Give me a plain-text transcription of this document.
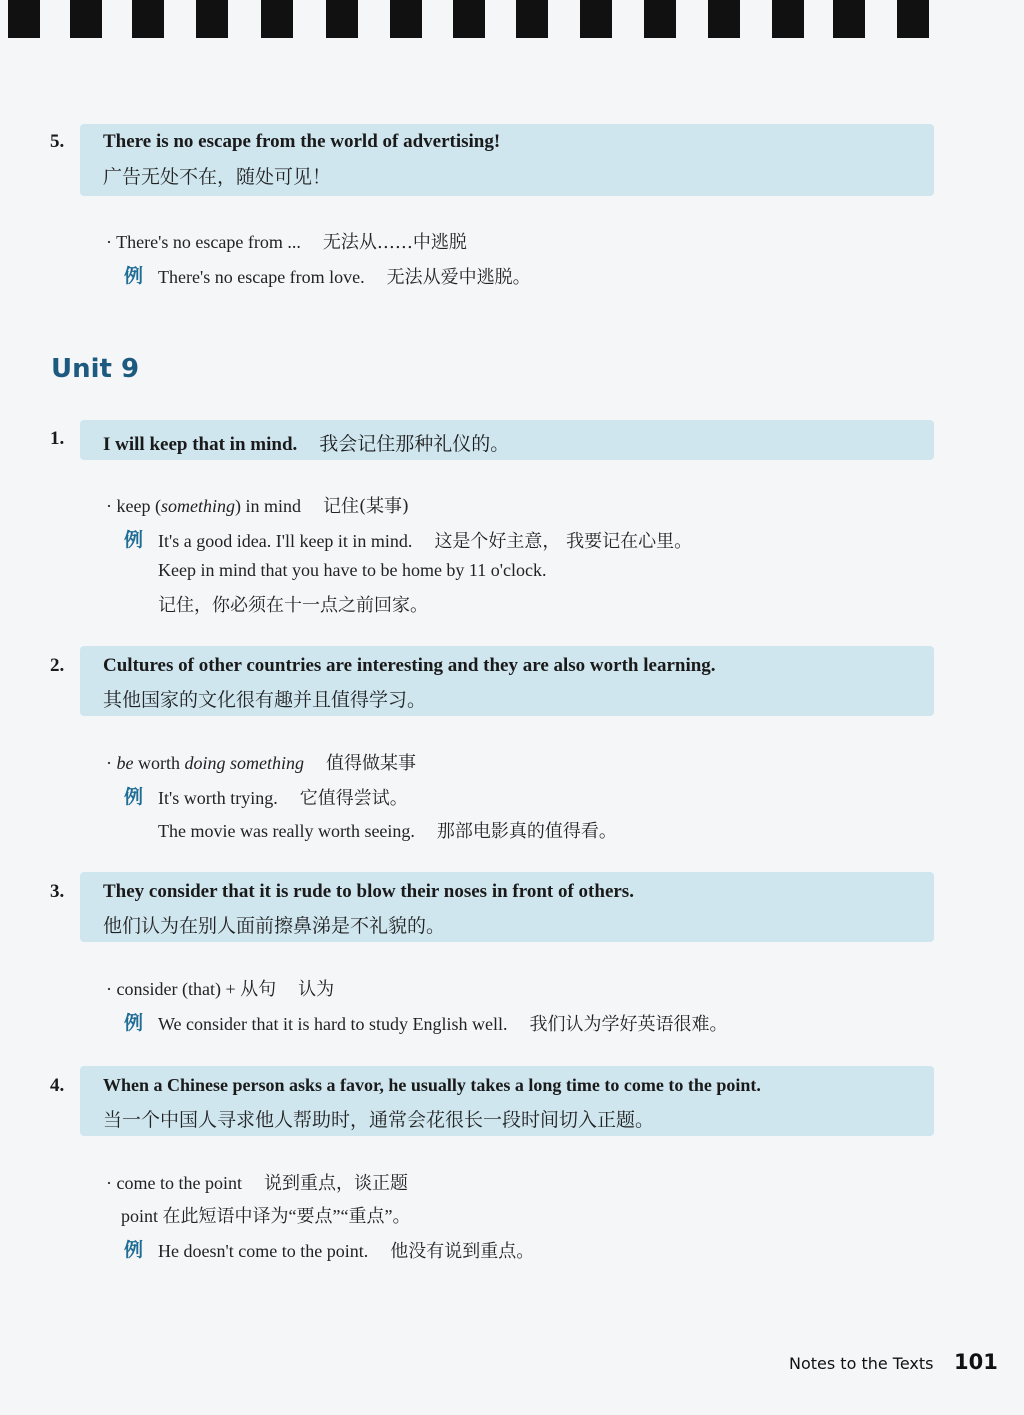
5. There is no escape from the world of advertising!
广告无处不在，随处可见！
· There's no escape from ... 无法从……中逃脱
例 There's no escape from love. 无法从爱中逃脱。
Unit 9
1. I will keep that in mind. 我会记住那种礼仪的。
· keep (something) in mind 记住(某事)
例 It's a good idea. I'll keep it in mind. 这是个好主意， 我要记在心里。
Keep in mind that you have to be home by 11 o'clock.
记住，你必须在十一点之前回家。
2. Cultures of other countries are interesting and they are also worth learning.
其他国家的文化很有趣并且值得学习。
· be worth doing something 值得做某事
例 It's worth trying. 它值得尝试。
The movie was really worth seeing. 那部电影真的值得看。
3. They consider that it is rude to blow their noses in front of others.
他们认为在别人面前擦鼻涕是不礼貌的。
· consider (that) + 从句 认为
例 We consider that it is hard to study English well. 我们认为学好英语很难。
4. When a Chinese person asks a favor, he usually takes a long time to come to the point.
当一个中国人寻求他人帮助时，通常会花很长一段时间切入正题。
· come to the point 说到重点，谈正题
point 在此短语中译为“要点”“重点”。
例 He doesn't come to the point. 他没有说到重点。
Notes to the Texts 101
